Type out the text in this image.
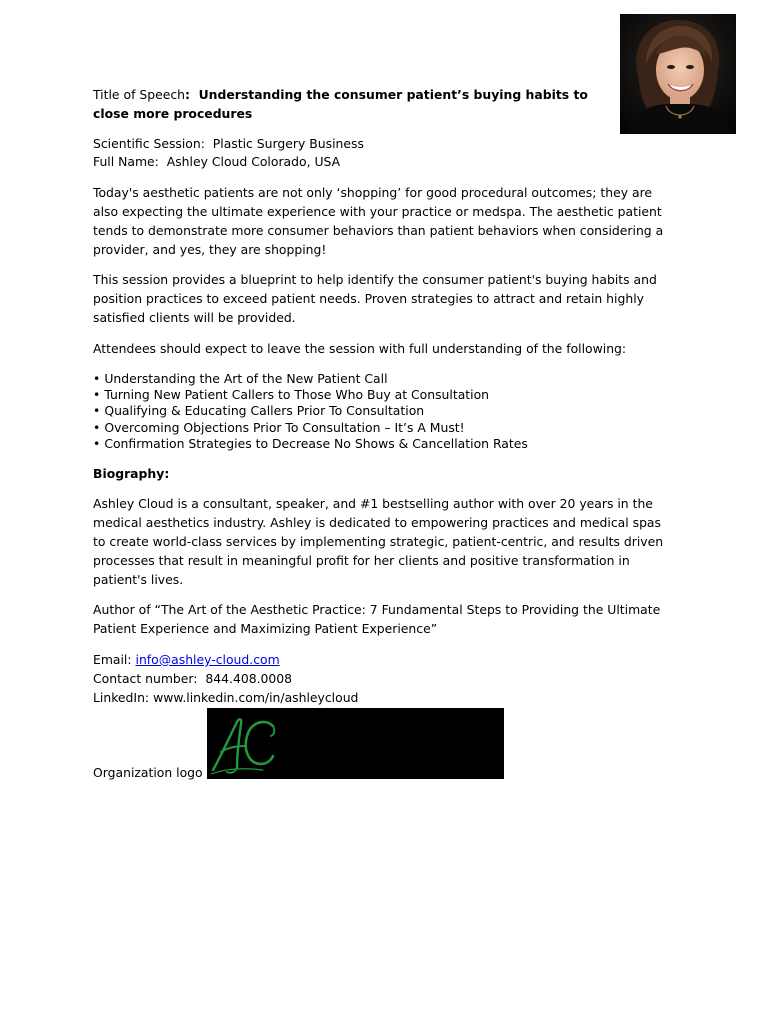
Title of Speech:  Understanding the consumer patient’s buying habits to close more procedures

Scientific Session: Plastic Surgery Business

Full Name: Ashley Cloud Colorado, USA

Today's aesthetic patients are not only ‘shopping’ for good procedural outcomes; they are also expecting the ultimate experience with your practice or medspa. The aesthetic patient tends to demonstrate more consumer behaviors than patient behaviors when considering a provider, and yes, they are shopping!

This session provides a blueprint to help identify the consumer patient's buying habits and position practices to exceed patient needs. Proven strategies to attract and retain highly satisfied clients will be provided.

Attendees should expect to leave the session with full understanding of the following:

• Understanding the Art of the New Patient Call
• Turning New Patient Callers to Those Who Buy at Consultation
• Qualifying & Educating Callers Prior To Consultation
• Overcoming Objections Prior To Consultation – It’s A Must!
• Confirmation Strategies to Decrease No Shows & Cancellation Rates

Biography:

Ashley Cloud is a consultant, speaker, and #1 bestselling author with over 20 years in the medical aesthetics industry. Ashley is dedicated to empowering practices and medical spas to create world-class services by implementing strategic, patient-centric, and results driven processes that result in meaningful profit for her clients and positive transformation in patient's lives.

Author of “The Art of the Aesthetic Practice: 7 Fundamental Steps to Providing the Ultimate Patient Experience and Maximizing Patient Experience”

Email: info@ashley-cloud.com

Contact number: 844.408.0008

LinkedIn: www.linkedin.com/in/ashleycloud

Organization logo
